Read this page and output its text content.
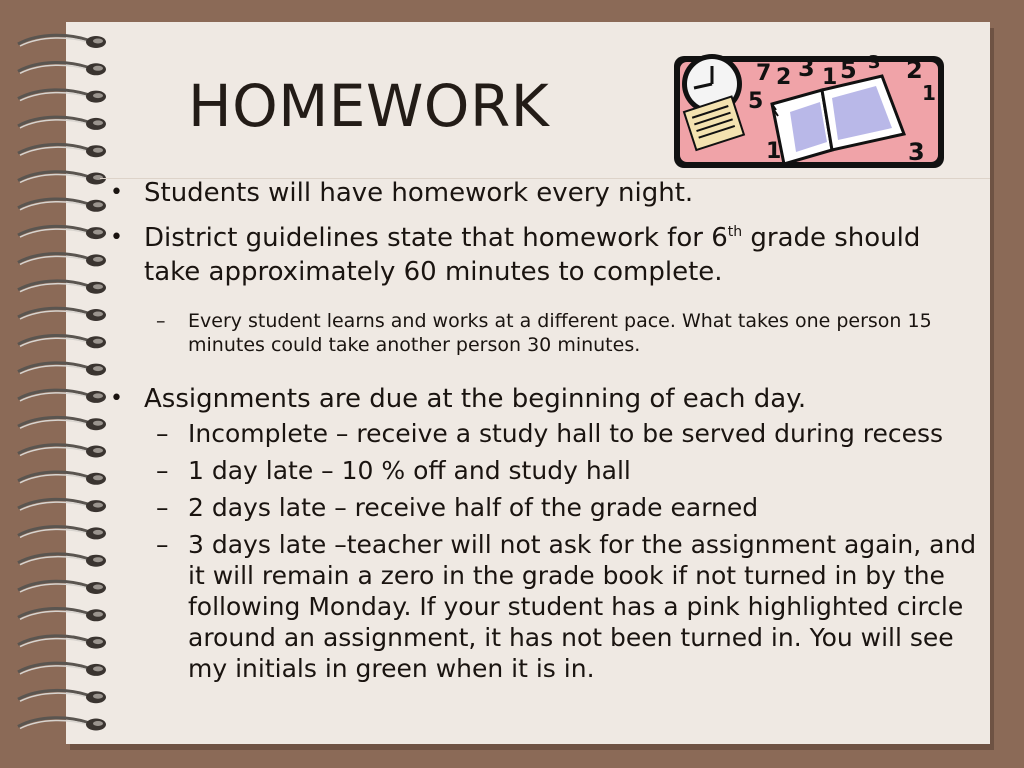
HOMEWORK	7 2 3 1 5 3 2
5	1
1	3
• Students will have homework every night.
• District guidelines state that homework for 6th grade should take approximately 60 minutes to complete.
– Every student learns and works at a different pace. What takes one person 15 minutes could take another person 30 minutes.
• Assignments are due at the beginning of each day.
– Incomplete – receive a study hall to be served during recess
– 1 day late – 10 % off and study hall
– 2 days late – receive half of the grade earned
– 3 days late –teacher will not ask for the assignment again, and it will remain a zero in the grade book if not turned in by the following Monday. If your student has a pink highlighted circle around an assignment, it has not been turned in. You will see my initials in green when it is in.
